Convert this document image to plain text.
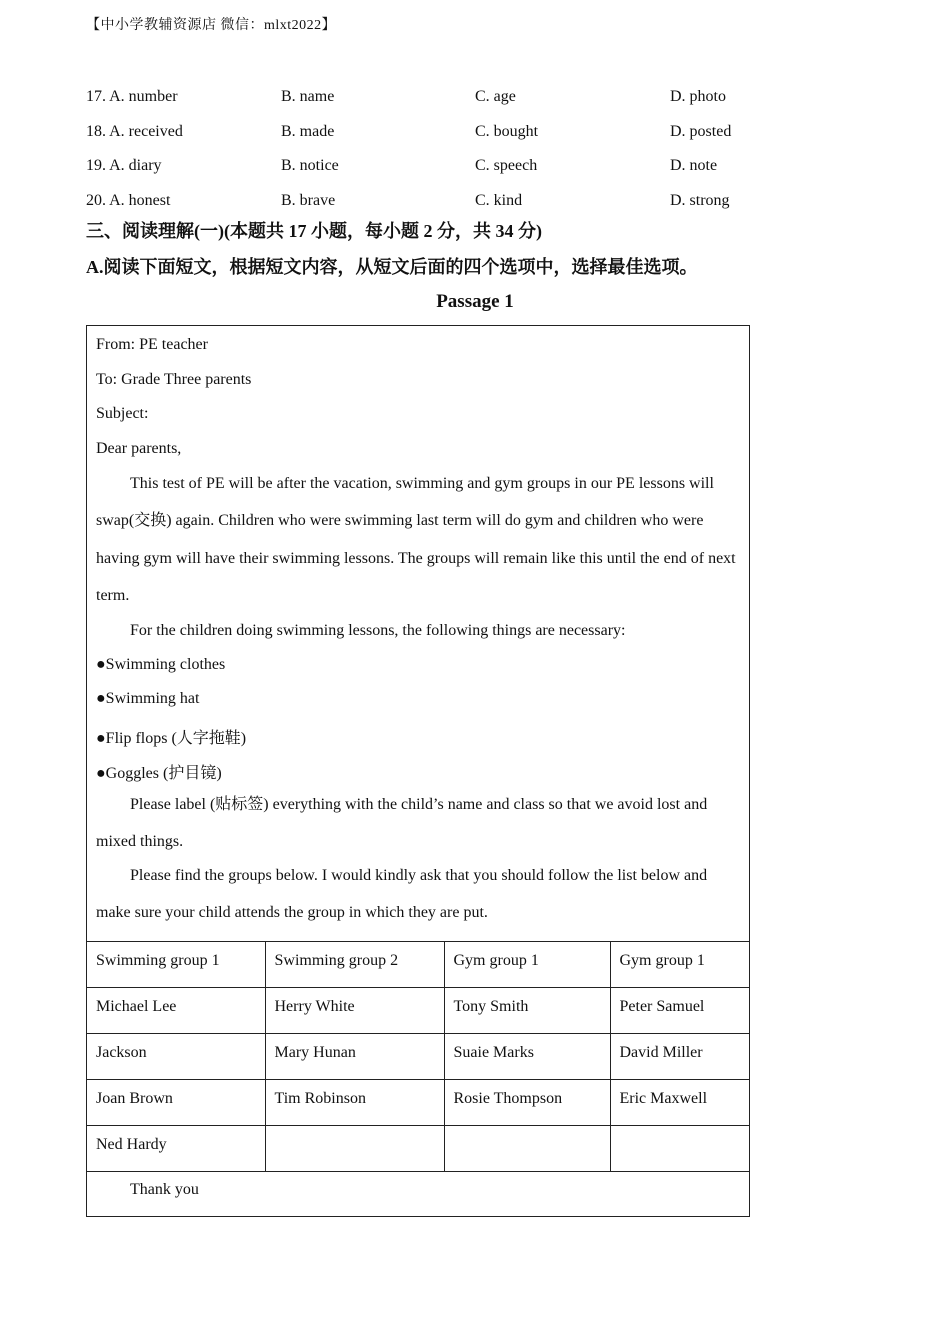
【中小学教辅资源店 微信：mlxt2022】
17. A. number	B. name	C. age	D. photo
18. A. received	B. made	C. bought	D. posted
19. A. diary	B. notice	C. speech	D. note
20. A. honest	B. brave	C. kind	D. strong
三、阅读理解(一)(本题共 17 小题，每小题 2 分，共 34 分)
A.阅读下面短文，根据短文内容，从短文后面的四个选项中，选择最佳选项。
Passage 1
From: PE teacher
To: Grade Three parents
Subject:
Dear parents,
This test of PE will be after the vacation, swimming and gym groups in our PE lessons will swap(交换) again. Children who were swimming last term will do gym and children who were having gym will have their swimming lessons. The groups will remain like this until the end of next term.
For the children doing swimming lessons, the following things are necessary:
●Swimming clothes
●Swimming hat
●Flip flops (人字拖鞋)
●Goggles (护目镜)
Please label (贴标签) everything with the child’s name and class so that we avoid lost and mixed things.
Please find the groups below. I would kindly ask that you should follow the list below and make sure your child attends the group in which they are put.
Swimming group 1	Swimming group 2	Gym group 1	Gym group 1
Michael Lee	Herry White	Tony Smith	Peter Samuel
Jackson	Mary Hunan	Suaie Marks	David Miller
Joan Brown	Tim Robinson	Rosie Thompson	Eric Maxwell
Ned Hardy			
Thank you
